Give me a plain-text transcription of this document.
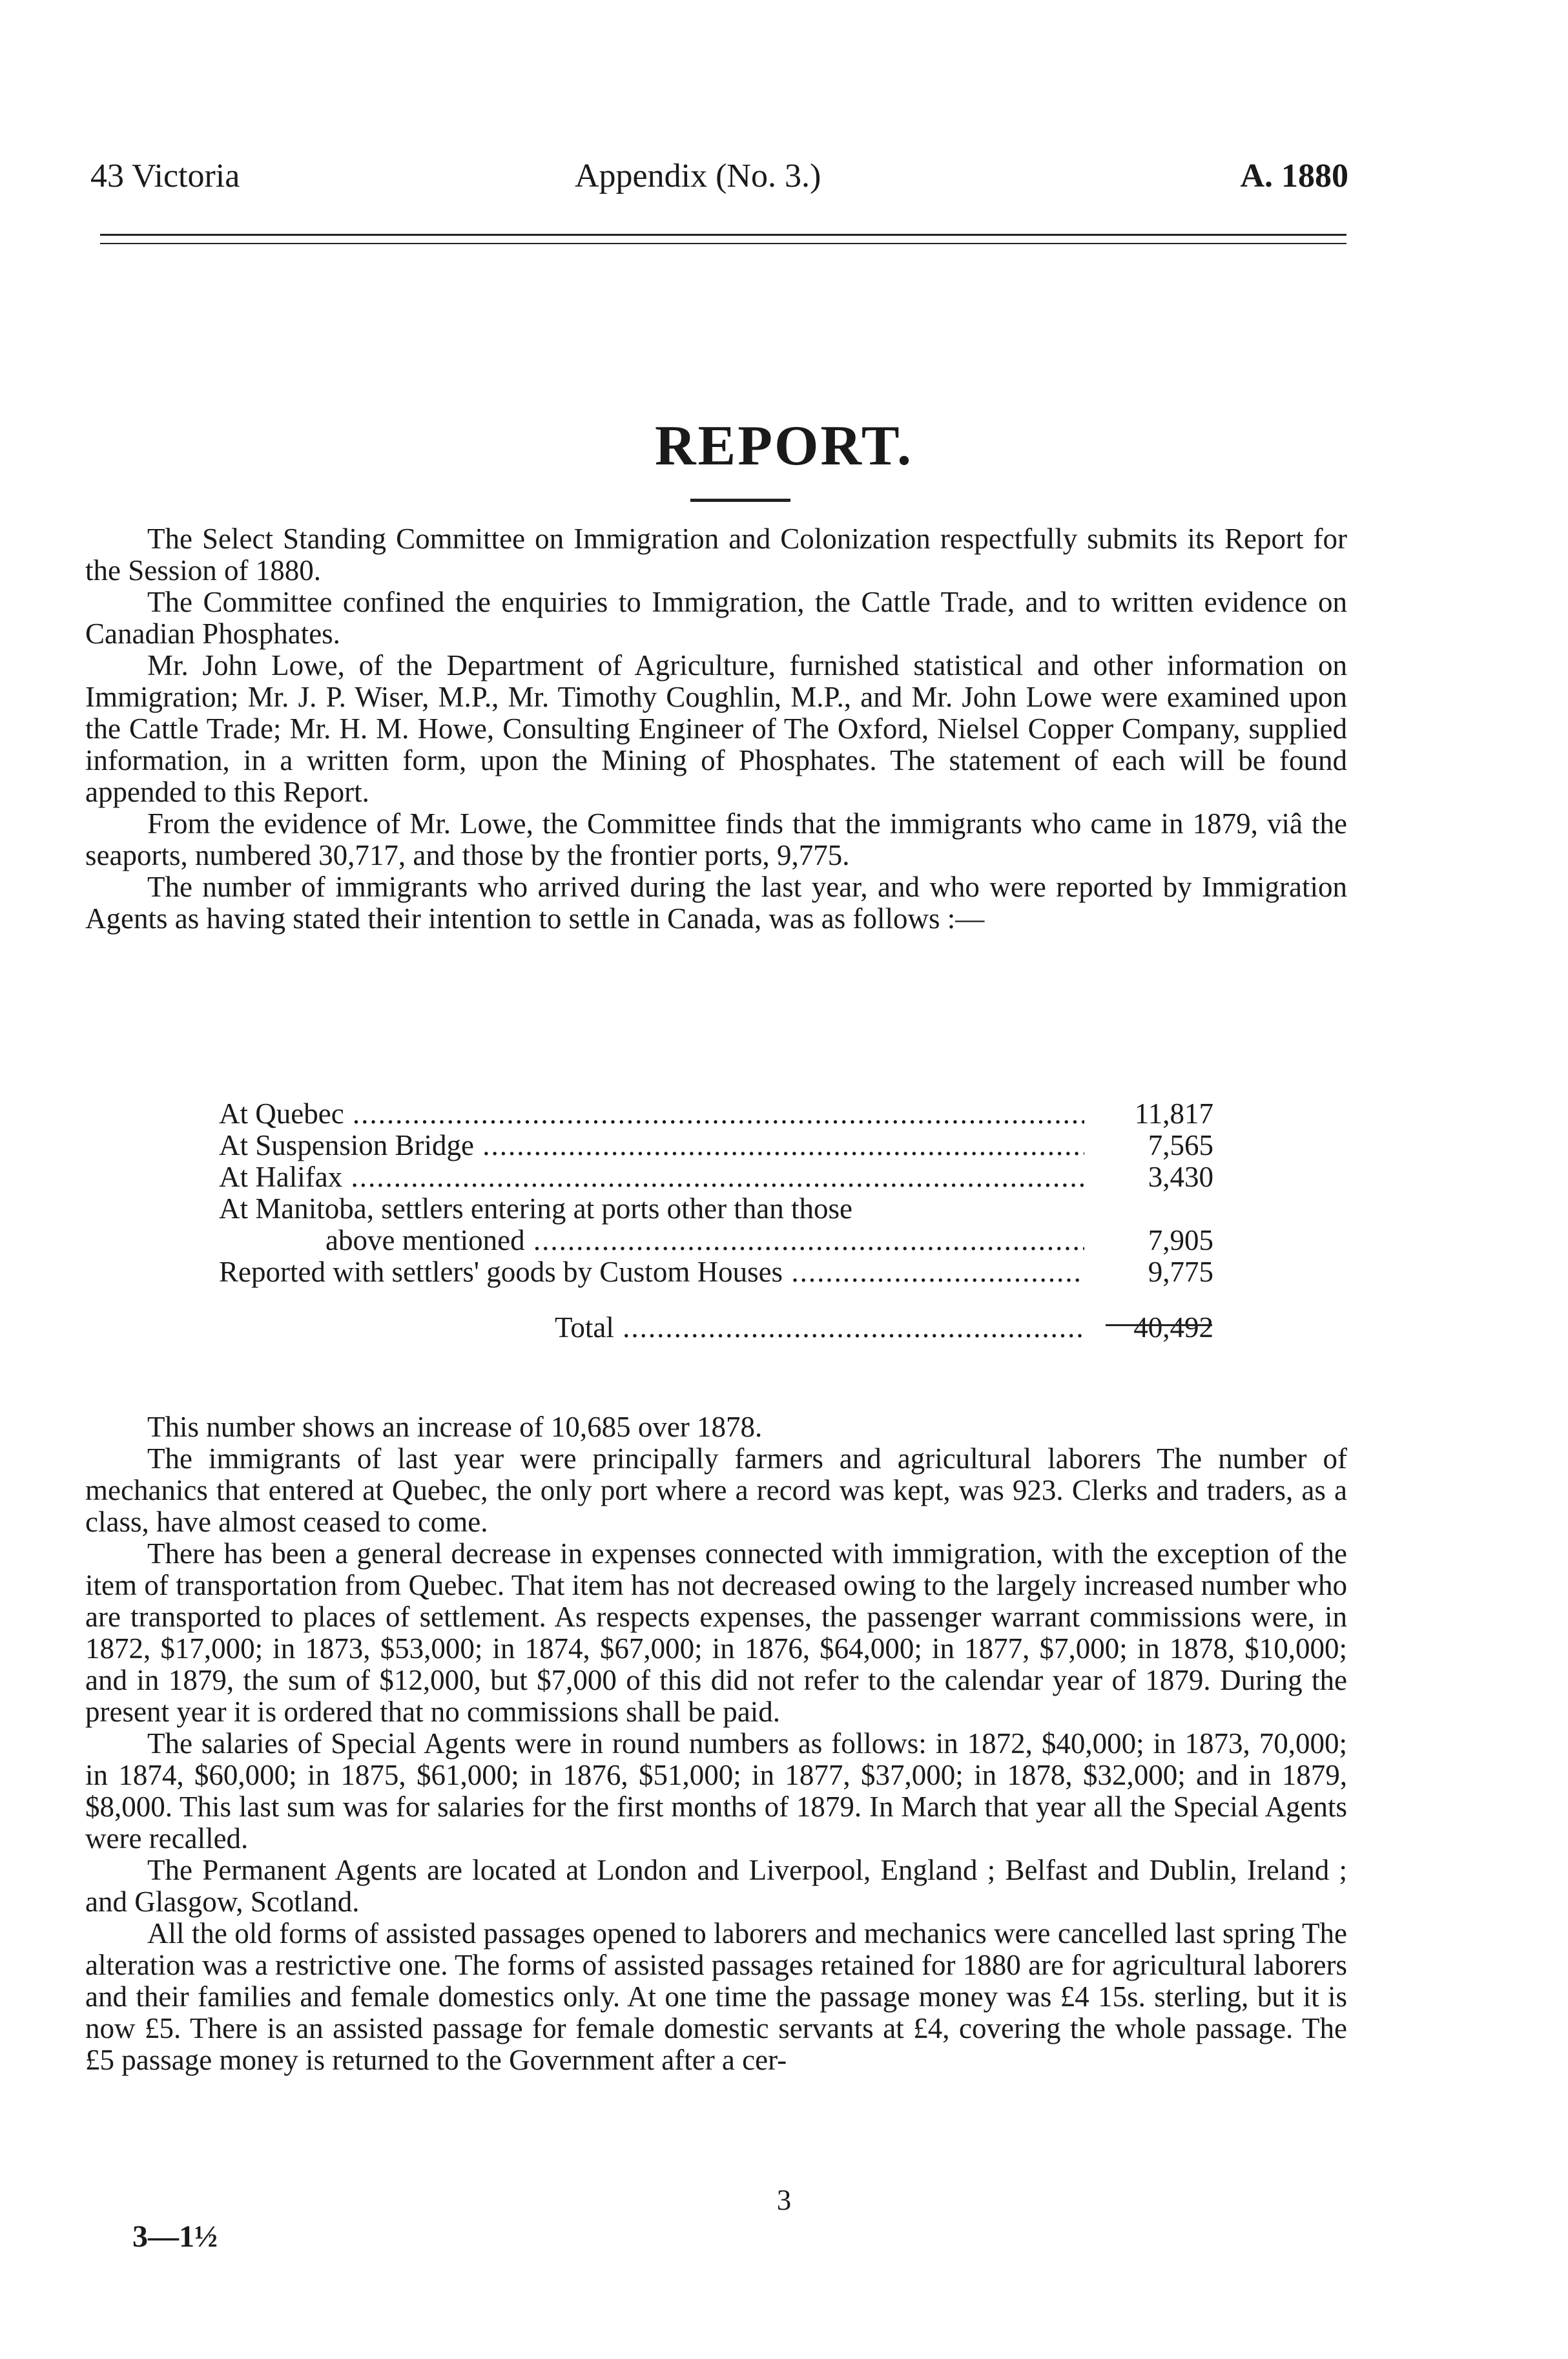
43 Victoria	Appendix (No. 3.)	A. 1880
REPORT.

The Select Standing Committee on Immigration and Colonization respectfully submits its Report for the Session of 1880.

The Committee confined the enquiries to Immigration, the Cattle Trade, and to written evidence on Canadian Phosphates.

Mr. John Lowe, of the Department of Agriculture, furnished statistical and other information on Immigration; Mr. J. P. Wiser, M.P., Mr. Timothy Coughlin, M.P., and Mr. John Lowe were examined upon the Cattle Trade; Mr. H. M. Howe, Consulting Engineer of The Oxford, Nielsel Copper Company, supplied information, in a written form, upon the Mining of Phosphates. The statement of each will be found appended to this Report.

From the evidence of Mr. Lowe, the Committee finds that the immigrants who came in 1879, viâ the seaports, numbered 30,717, and those by the frontier ports, 9,775.

The number of immigrants who arrived during the last year, and who were reported by Immigration Agents as having stated their intention to settle in Canada, was as follows :—

At Quebec .....	11,817
At Suspension Bridge .....	7,565
At Halifax .....	3,430
At Manitoba, settlers entering at ports other than those
above mentioned .....	7,905
Reported with settlers' goods by Custom Houses .....	9,775
Total .....	40,492

This number shows an increase of 10,685 over 1878.

The immigrants of last year were principally farmers and agricultural laborers The number of mechanics that entered at Quebec, the only port where a record was kept, was 923. Clerks and traders, as a class, have almost ceased to come.

There has been a general decrease in expenses connected with immigration, with the exception of the item of transportation from Quebec. That item has not decreased owing to the largely increased number who are transported to places of settlement. As respects expenses, the passenger warrant commissions were, in 1872, $17,000; in 1873, $53,000; in 1874, $67,000; in 1876, $64,000; in 1877, $7,000; in 1878, $10,000; and in 1879, the sum of $12,000, but $7,000 of this did not refer to the calendar year of 1879. During the present year it is ordered that no commissions shall be paid.

The salaries of Special Agents were in round numbers as follows: in 1872, $40,000; in 1873, 70,000; in 1874, $60,000; in 1875, $61,000; in 1876, $51,000; in 1877, $37,000; in 1878, $32,000; and in 1879, $8,000. This last sum was for salaries for the first months of 1879. In March that year all the Special Agents were recalled.

The Permanent Agents are located at London and Liverpool, England ; Belfast and Dublin, Ireland ; and Glasgow, Scotland.

All the old forms of assisted passages opened to laborers and mechanics were cancelled last spring The alteration was a restrictive one. The forms of assisted passages retained for 1880 are for agricultural laborers and their families and female domestics only. At one time the passage money was £4 15s. sterling, but it is now £5. There is an assisted passage for female domestic servants at £4, covering the whole passage. The £5 passage money is returned to the Government after a cer-

3
3—1½
